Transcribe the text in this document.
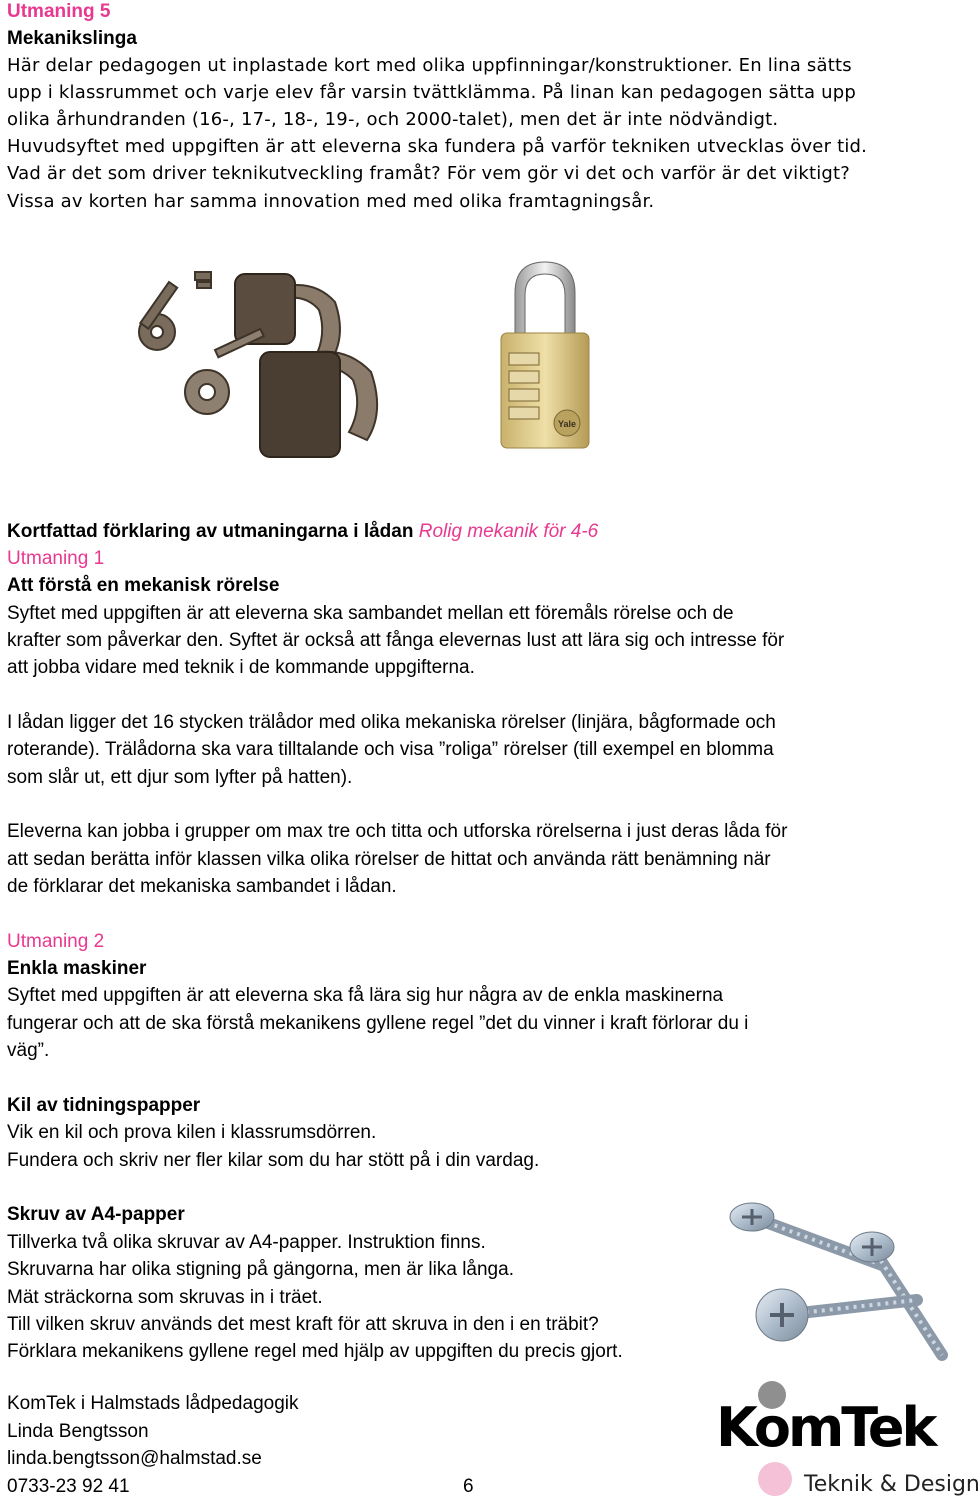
Utmaning 5
Mekanikslinga
Här delar pedagogen ut inplastade kort med olika uppfinningar/konstruktioner. En lina sätts
upp i klassrummet och varje elev får varsin tvättklämma. På linan kan pedagogen sätta upp
olika århundranden (16-, 17-, 18-, 19-, och 2000-talet), men det är inte nödvändigt.
Huvudsyftet med uppgiften är att eleverna ska fundera på varför tekniken utvecklas över tid.
Vad är det som driver teknikutveckling framåt? För vem gör vi det och varför är det viktigt?
Vissa av korten har samma innovation med med olika framtagningsår.
Yale
Kortfattad förklaring av utmaningarna i lådan Rolig mekanik för 4-6
Utmaning 1
Att förstå en mekanisk rörelse
Syftet med uppgiften är att eleverna ska sambandet mellan ett föremåls rörelse och de
krafter som påverkar den. Syftet är också att fånga elevernas lust att lära sig och intresse för
att jobba vidare med teknik i de kommande uppgifterna.
I lådan ligger det 16 stycken trälådor med olika mekaniska rörelser (linjära, bågformade och
roterande). Trälådorna ska vara tilltalande och visa ”roliga” rörelser (till exempel en blomma
som slår ut, ett djur som lyfter på hatten).
Eleverna kan jobba i grupper om max tre och titta och utforska rörelserna i just deras låda för
att sedan berätta inför klassen vilka olika rörelser de hittat och använda rätt benämning när
de förklarar det mekaniska sambandet i lådan.
Utmaning 2
Enkla maskiner
Syftet med uppgiften är att eleverna ska få lära sig hur några av de enkla maskinerna
fungerar och att de ska förstå mekanikens gyllene regel ”det du vinner i kraft förlorar du i
väg”.
Kil av tidningspapper
Vik en kil och prova kilen i klassrumsdörren.
Fundera och skriv ner fler kilar som du har stött på i din vardag.
Skruv av A4-papper
Tillverka två olika skruvar av A4-papper. Instruktion finns.
Skruvarna har olika stigning på gängorna, men är lika långa.
Mät sträckorna som skruvas in i träet.
Till vilken skruv används det mest kraft för att skruva in den i en träbit?
Förklara mekanikens gyllene regel med hjälp av uppgiften du precis gjort.
KomTek i Halmstads lådpedagogik
Linda Bengtsson
linda.bengtsson@halmstad.se
0733-23 92 41	6
KomTek
Teknik & Design
